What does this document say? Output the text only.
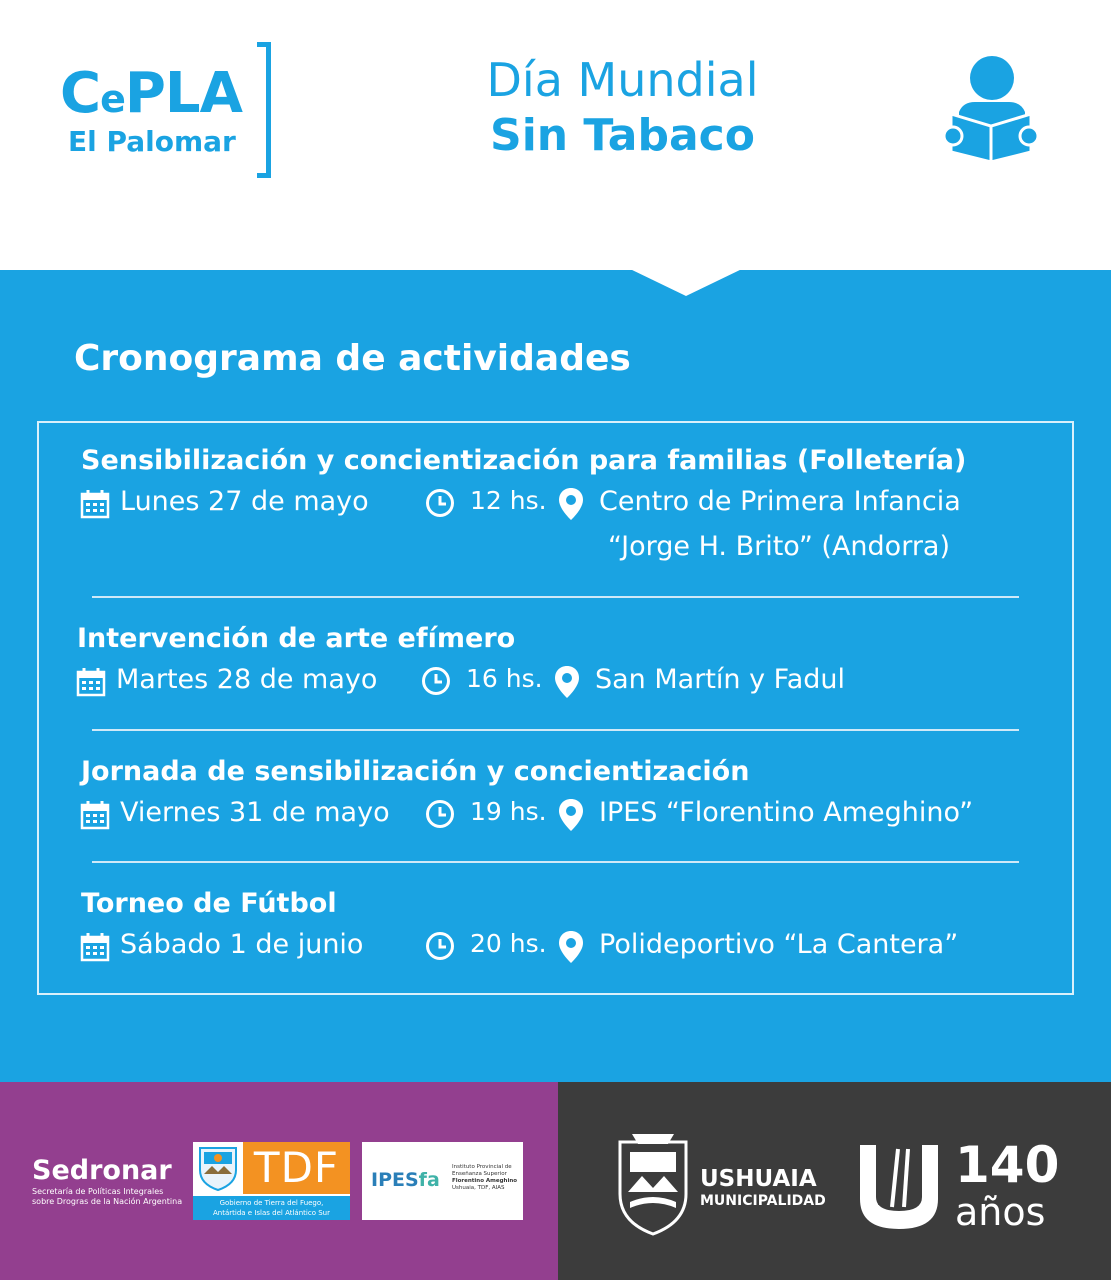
CePLA
El Palomar
Día Mundial
Sin Tabaco
Cronograma de actividades
Sensibilización y concientización para familias (Folletería)
Lunes 27 de mayo	12 hs. Centro de Primera Infancia
“Jorge H. Brito” (Andorra)
Intervención de arte efímero
Martes 28 de mayo	16 hs. San Martín y Fadul
Jornada de sensibilización y concientización
Viernes 31 de mayo	19 hs. IPES “Florentino Ameghino”
Torneo de Fútbol
Sábado 1 de junio	20 hs. Polideportivo “La Cantera”
Sedronar
Secretaría de Políticas Integrales
sobre Drogras de la Nación Argentina
TDF
Gobierno de Tierra del Fuego,
Antártida e Islas del Atlántico Sur
IPESfa
Instituto Provincial de
Enseñanza Superior
Florentino Ameghino
Ushuaia, TDF, AIAS	USHUAIA
MUNICIPALIDAD
140
años
